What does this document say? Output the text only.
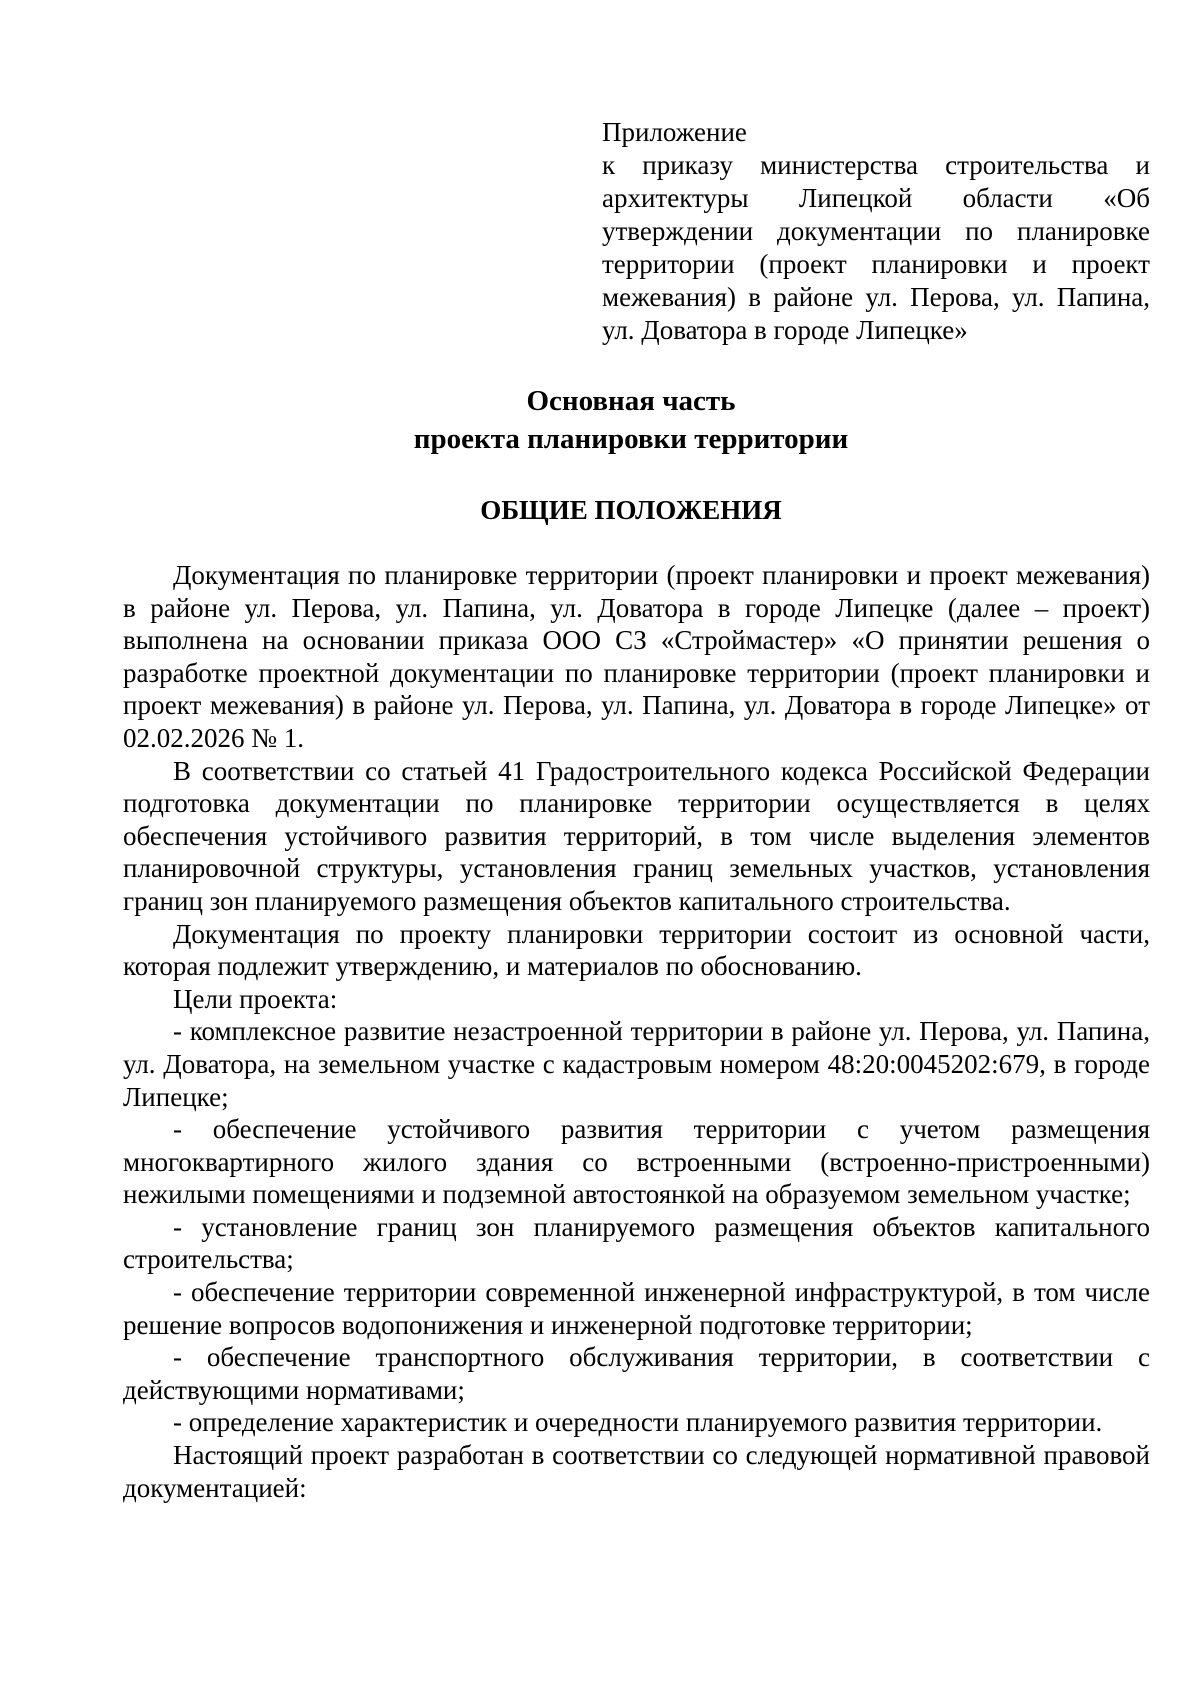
Приложение

к приказу министерства строительства и архитектуры Липецкой области «Об утверждении документации по планировке территории (проект планировки и проект межевания) в районе ул. Перова, ул. Папина, ул. Доватора в городе Липецке»

Основная часть

проекта планировки территории

ОБЩИЕ ПОЛОЖЕНИЯ

Документация по планировке территории (проект планировки и проект межевания) в районе ул. Перова, ул. Папина, ул. Доватора в городе Липецке (далее – проект) выполнена на основании приказа ООО СЗ «Строймастер» «О принятии решения о разработке проектной документации по планировке территории (проект планировки и проект межевания) в районе ул. Перова, ул. Папина, ул. Доватора в городе Липецке» от 02.02.2026 № 1.

В соответствии со статьей 41 Градостроительного кодекса Российской Федерации подготовка документации по планировке территории осуществляется в целях обеспечения устойчивого развития территорий, в том числе выделения элементов планировочной структуры, установления границ земельных участков, установления границ зон планируемого размещения объектов капитального строительства.

Документация по проекту планировки территории состоит из основной части, которая подлежит утверждению, и материалов по обоснованию.

Цели проекта:

- комплексное развитие незастроенной территории в районе ул. Перова, ул. Папина, ул. Доватора, на земельном участке с кадастровым номером 48:20:0045202:679, в городе Липецке;

- обеспечение устойчивого развития территории с учетом размещения многоквартирного жилого здания со встроенными (встроенно-пристроенными) нежилыми помещениями и подземной автостоянкой на образуемом земельном участке;

- установление границ зон планируемого размещения объектов капитального строительства;

- обеспечение территории современной инженерной инфраструктурой, в том числе решение вопросов водопонижения и инженерной подготовке территории;

- обеспечение транспортного обслуживания территории, в соответствии с действующими нормативами;

- определение характеристик и очередности планируемого развития территории.

Настоящий проект разработан в соответствии со следующей нормативной правовой документацией:
